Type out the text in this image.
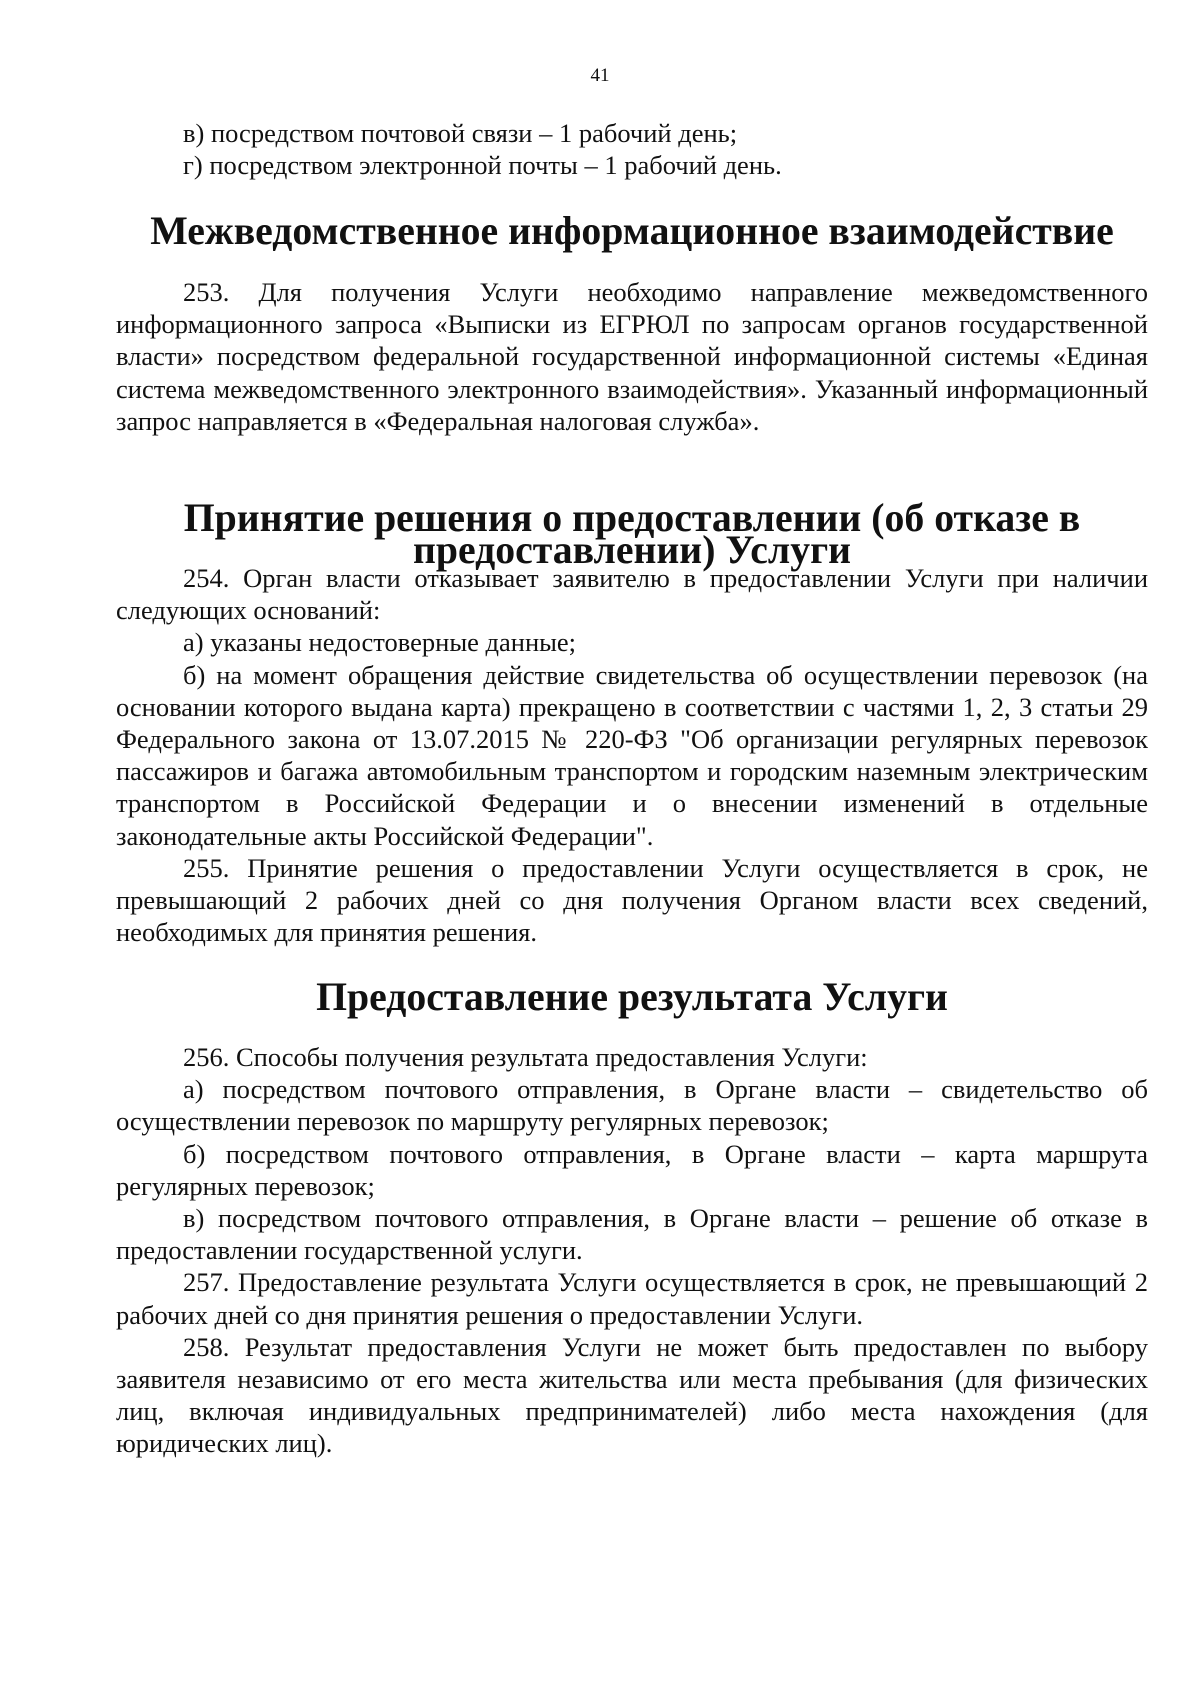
41

в) посредством почтовой связи – 1 рабочий день;

г) посредством электронной почты – 1 рабочий день.

Межведомственное информационное взаимодействие

253. Для получения Услуги необходимо направление межведомственного информационного запроса «Выписки из ЕГРЮЛ по запросам органов государственной власти» посредством федеральной государственной информационной системы «Единая система межведомственного электронного взаимодействия». Указанный информационный запрос направляется в «Федеральная налоговая служба».

Принятие решения о предоставлении (об отказе в предоставлении) Услуги

254. Орган власти отказывает заявителю в предоставлении Услуги при наличии следующих оснований:

а) указаны недостоверные данные;

б) на момент обращения действие свидетельства об осуществлении перевозок (на основании которого выдана карта) прекращено в соответствии с частями 1, 2, 3 статьи 29 Федерального закона от 13.07.2015 № 220-ФЗ "Об организации регулярных перевозок пассажиров и багажа автомобильным транспортом и городским наземным электрическим транспортом в Российской Федерации и о внесении изменений в отдельные законодательные акты Российской Федерации".

255. Принятие решения о предоставлении Услуги осуществляется в срок, не превышающий 2 рабочих дней со дня получения Органом власти всех сведений, необходимых для принятия решения.

Предоставление результата Услуги

256. Способы получения результата предоставления Услуги:

а) посредством почтового отправления, в Органе власти – свидетельство об осуществлении перевозок по маршруту регулярных перевозок;

б) посредством почтового отправления, в Органе власти – карта маршрута регулярных перевозок;

в) посредством почтового отправления, в Органе власти – решение об отказе в предоставлении государственной услуги.

257. Предоставление результата Услуги осуществляется в срок, не превышающий 2 рабочих дней со дня принятия решения о предоставлении Услуги.

258. Результат предоставления Услуги не может быть предоставлен по выбору заявителя независимо от его места жительства или места пребывания (для физических лиц, включая индивидуальных предпринимателей) либо места нахождения (для юридических лиц).
